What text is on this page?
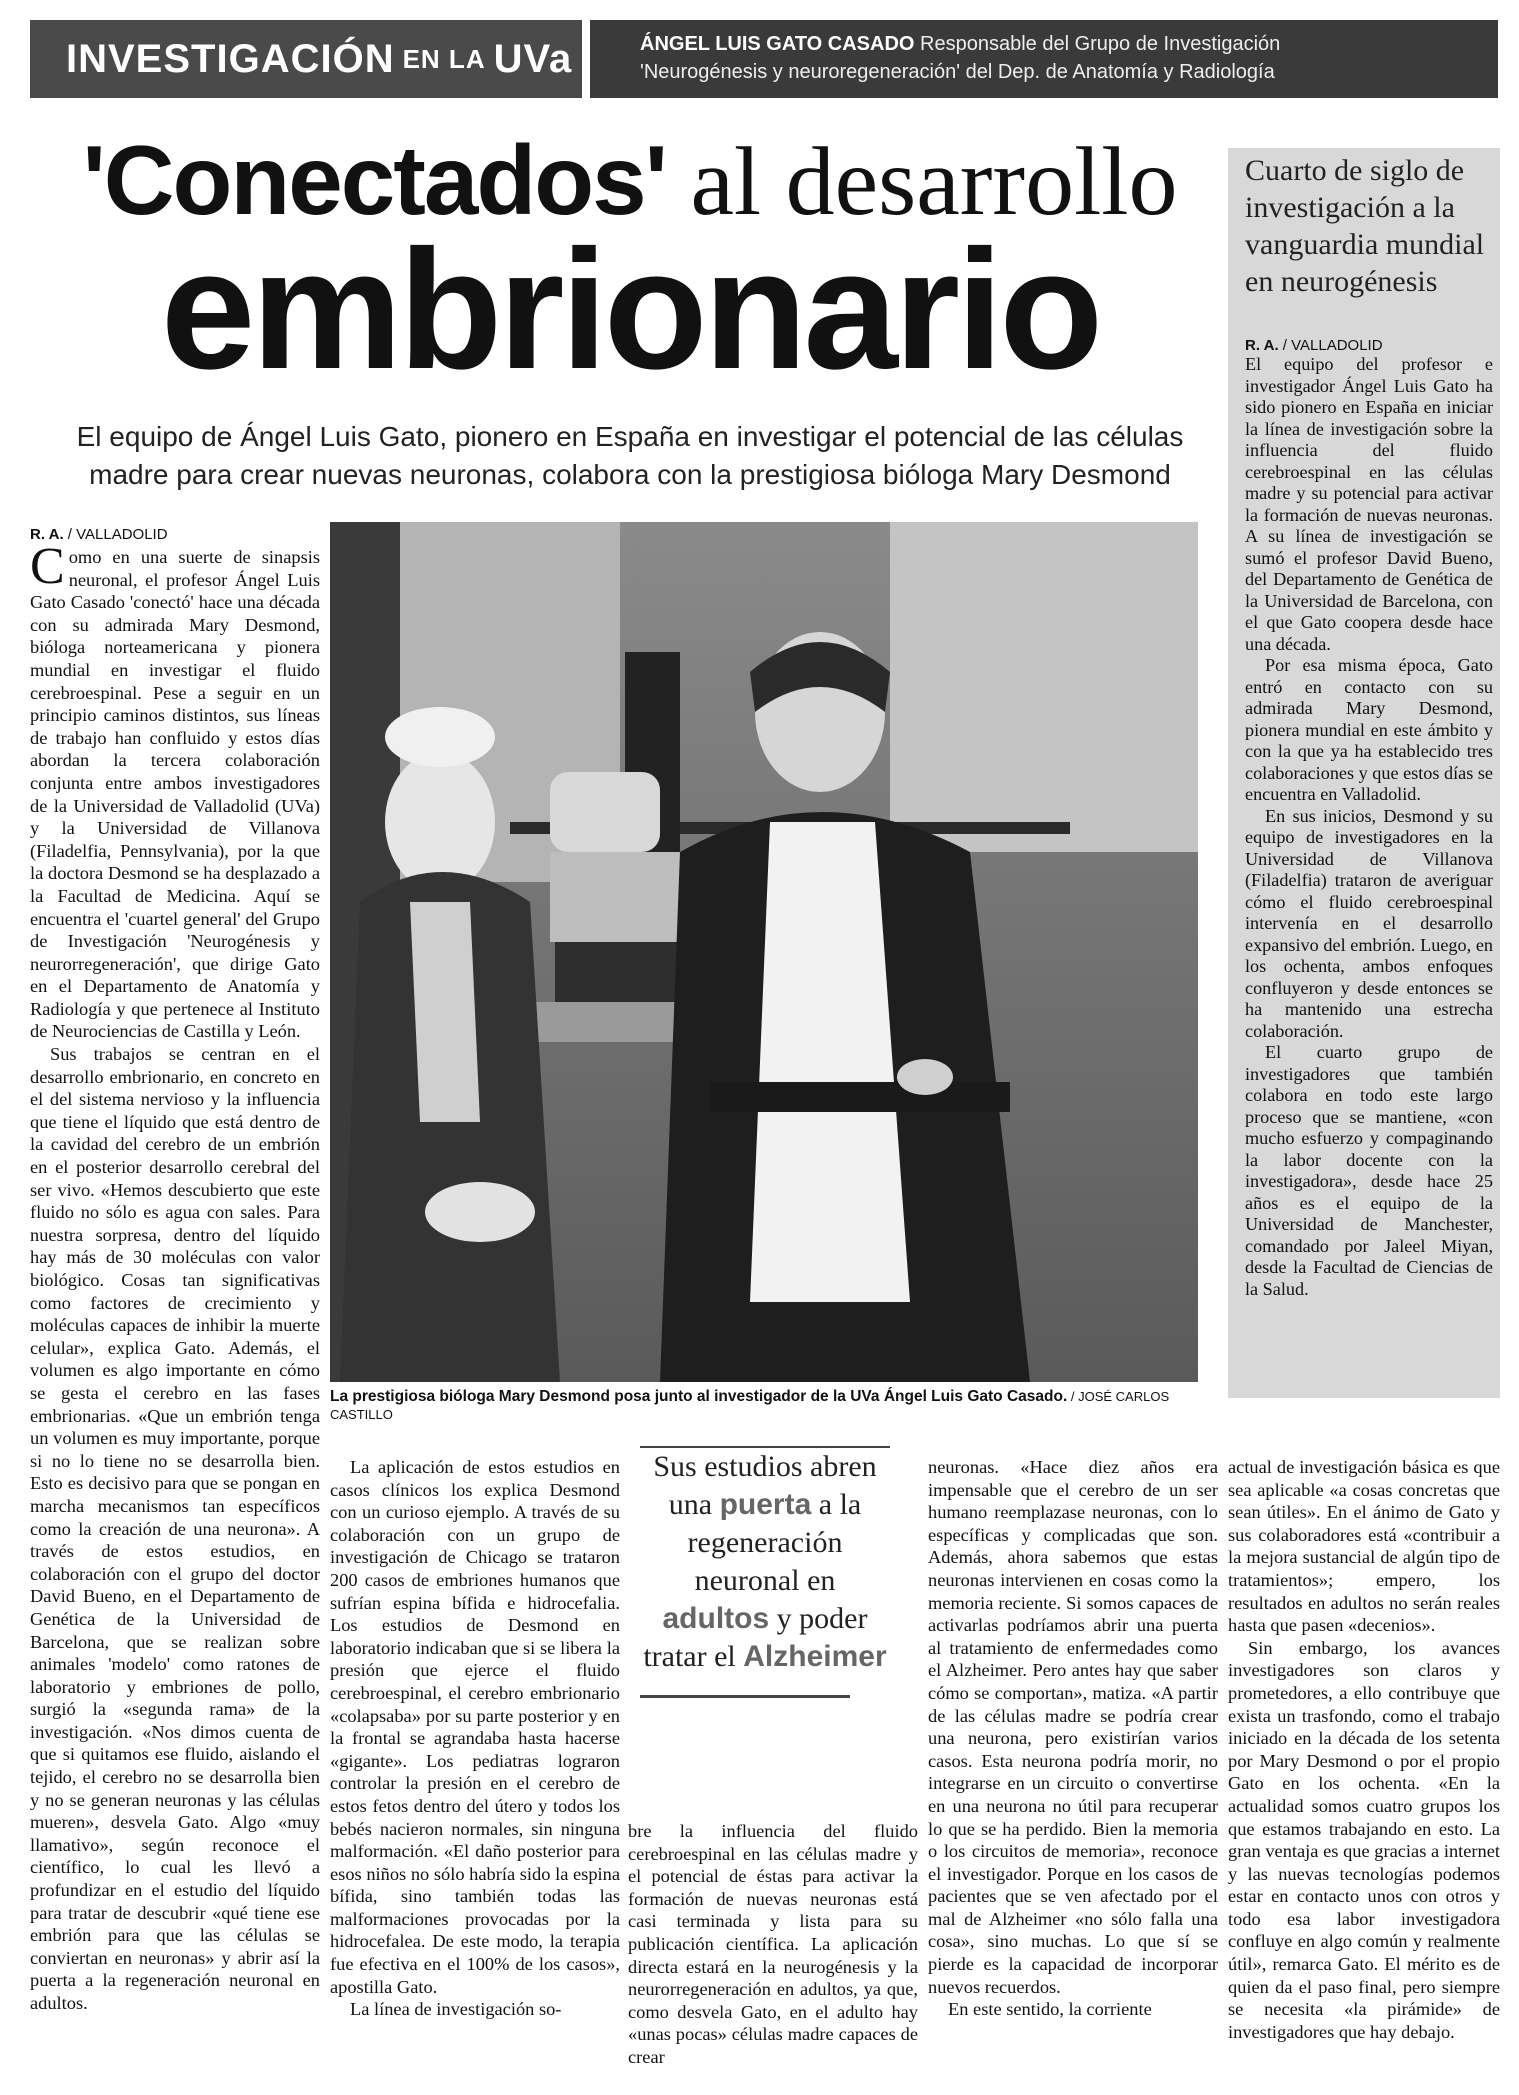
INVESTIGACIÓN EN LA UVa	ÁNGEL LUIS GATO CASADO Responsable del Grupo de Investigación
'Neurogénesis y neuroregeneración' del Dep. de Anatomía y Radiología
'Conectados' al desarrollo
embrionario
El equipo de Ángel Luis Gato, pionero en España en investigar el potencial de las células
madre para crear nuevas neuronas, colabora con la prestigiosa bióloga Mary Desmond
Cuarto de siglo de investigación a la vanguardia mundial en neurogénesis
R. A. / VALLADOLID

El equipo del profesor e investigador Ángel Luis Gato ha sido pionero en España en iniciar la línea de investigación sobre la influencia del fluido cerebroespinal en las células madre y su potencial para activar la formación de nuevas neuronas. A su línea de investigación se sumó el profesor David Bueno, del Departamento de Genética de la Universidad de Barcelona, con el que Gato coopera desde hace una década.

Por esa misma época, Gato entró en contacto con su admirada Mary Desmond, pionera mundial en este ámbito y con la que ya ha establecido tres colaboraciones y que estos días se encuentra en Valladolid.

En sus inicios, Desmond y su equipo de investigadores en la Universidad de Villanova (Filadelfia) trataron de averiguar cómo el fluido cerebroespinal intervenía en el desarrollo expansivo del embrión. Luego, en los ochenta, ambos enfoques confluyeron y desde entonces se ha mantenido una estrecha colaboración.

El cuarto grupo de investigadores que también colabora en todo este largo proceso que se mantiene, «con mucho esfuerzo y compaginando la labor docente con la investigadora», desde hace 25 años es el equipo de la Universidad de Manchester, comandado por Jaleel Miyan, desde la Facultad de Ciencias de la Salud.

R. A. / VALLADOLID

Como en una suerte de sinapsis neuronal, el profesor Ángel Luis Gato Casado 'conectó' hace una década con su admirada Mary Desmond, bióloga norteamericana y pionera mundial en investigar el fluido cerebroespinal. Pese a seguir en un principio caminos distintos, sus líneas de trabajo han confluido y estos días abordan la tercera colaboración conjunta entre ambos investigadores de la Universidad de Valladolid (UVa) y la Universidad de Villanova (Filadelfia, Pennsylvania), por la que la doctora Desmond se ha desplazado a la Facultad de Medicina. Aquí se encuentra el 'cuartel general' del Grupo de Investigación 'Neurogénesis y neurorregeneración', que dirige Gato en el Departamento de Anatomía y Radiología y que pertenece al Instituto de Neurociencias de Castilla y León.

Sus trabajos se centran en el desarrollo embrionario, en concreto en el del sistema nervioso y la influencia que tiene el líquido que está dentro de la cavidad del cerebro de un embrión en el posterior desarrollo cerebral del ser vivo. «Hemos descubierto que este fluido no sólo es agua con sales. Para nuestra sorpresa, dentro del líquido hay más de 30 moléculas con valor biológico. Cosas tan significativas como factores de crecimiento y moléculas capaces de inhibir la muerte celular», explica Gato. Además, el volumen es algo importante en cómo se gesta el cerebro en las fases embrionarias. «Que un embrión tenga un volumen es muy importante, porque si no lo tiene no se desarrolla bien. Esto es decisivo para que se pongan en marcha mecanismos tan específicos como la creación de una neurona». A través de estos estudios, en colaboración con el grupo del doctor David Bueno, en el Departamento de Genética de la Universidad de Barcelona, que se realizan sobre animales 'modelo' como ratones de laboratorio y embriones de pollo, surgió la «segunda rama» de la investigación. «Nos dimos cuenta de que si quitamos ese fluido, aislando el tejido, el cerebro no se desarrolla bien y no se generan neuronas y las células mueren», desvela Gato. Algo «muy llamativo», según reconoce el científico, lo cual les llevó a profundizar en el estudio del líquido para tratar de descubrir «qué tiene ese embrión para que las células se conviertan en neuronas» y abrir así la puerta a la regeneración neuronal en adultos.

La prestigiosa bióloga Mary Desmond posa junto al investigador de la UVa Ángel Luis Gato Casado. / JOSÉ CARLOS CASTILLO

La aplicación de estos estudios en casos clínicos los explica Desmond con un curioso ejemplo. A través de su colaboración con un grupo de investigación de Chicago se trataron 200 casos de embriones humanos que sufrían espina bífida e hidrocefalia. Los estudios de Desmond en laboratorio indicaban que si se libera la presión que ejerce el fluido cerebroespinal, el cerebro embrionario «colapsaba» por su parte posterior y en la frontal se agrandaba hasta hacerse «gigante». Los pediatras lograron controlar la presión en el cerebro de estos fetos dentro del útero y todos los bebés nacieron normales, sin ninguna malformación. «El daño posterior para esos niños no sólo habría sido la espina bífida, sino también todas las malformaciones provocadas por la hidrocefalea. De este modo, la terapia fue efectiva en el 100% de los casos», apostilla Gato.

La línea de investigación so-

Sus estudios abren una puerta a la regeneración neuronal en adultos y poder tratar el Alzheimer

bre la influencia del fluido cerebroespinal en las células madre y el potencial de éstas para activar la formación de nuevas neuronas está casi terminada y lista para su publicación científica. La aplicación directa estará en la neurogénesis y la neurorregeneración en adultos, ya que, como desvela Gato, en el adulto hay «unas pocas» células madre capaces de crear

neuronas. «Hace diez años era impensable que el cerebro de un ser humano reemplazase neuronas, con lo específicas y complicadas que son. Además, ahora sabemos que estas neuronas intervienen en cosas como la memoria reciente. Si somos capaces de activarlas podríamos abrir una puerta al tratamiento de enfermedades como el Alzheimer. Pero antes hay que saber cómo se comportan», matiza. «A partir de las células madre se podría crear una neurona, pero existirían varios casos. Esta neurona podría morir, no integrarse en un circuito o convertirse en una neurona no útil para recuperar lo que se ha perdido. Bien la memoria o los circuitos de memoria», reconoce el investigador. Porque en los casos de pacientes que se ven afectado por el mal de Alzheimer «no sólo falla una cosa», sino muchas. Lo que sí se pierde es la capacidad de incorporar nuevos recuerdos.

En este sentido, la corriente

actual de investigación básica es que sea aplicable «a cosas concretas que sean útiles». En el ánimo de Gato y sus colaboradores está «contribuir a la mejora sustancial de algún tipo de tratamientos»; empero, los resultados en adultos no serán reales hasta que pasen «decenios».

Sin embargo, los avances investigadores son claros y prometedores, a ello contribuye que exista un trasfondo, como el trabajo iniciado en la década de los setenta por Mary Desmond o por el propio Gato en los ochenta. «En la actualidad somos cuatro grupos los que estamos trabajando en esto. La gran ventaja es que gracias a internet y las nuevas tecnologías podemos estar en contacto unos con otros y todo esa labor investigadora confluye en algo común y realmente útil», remarca Gato. El mérito es de quien da el paso final, pero siempre se necesita «la pirámide» de investigadores que hay debajo.
